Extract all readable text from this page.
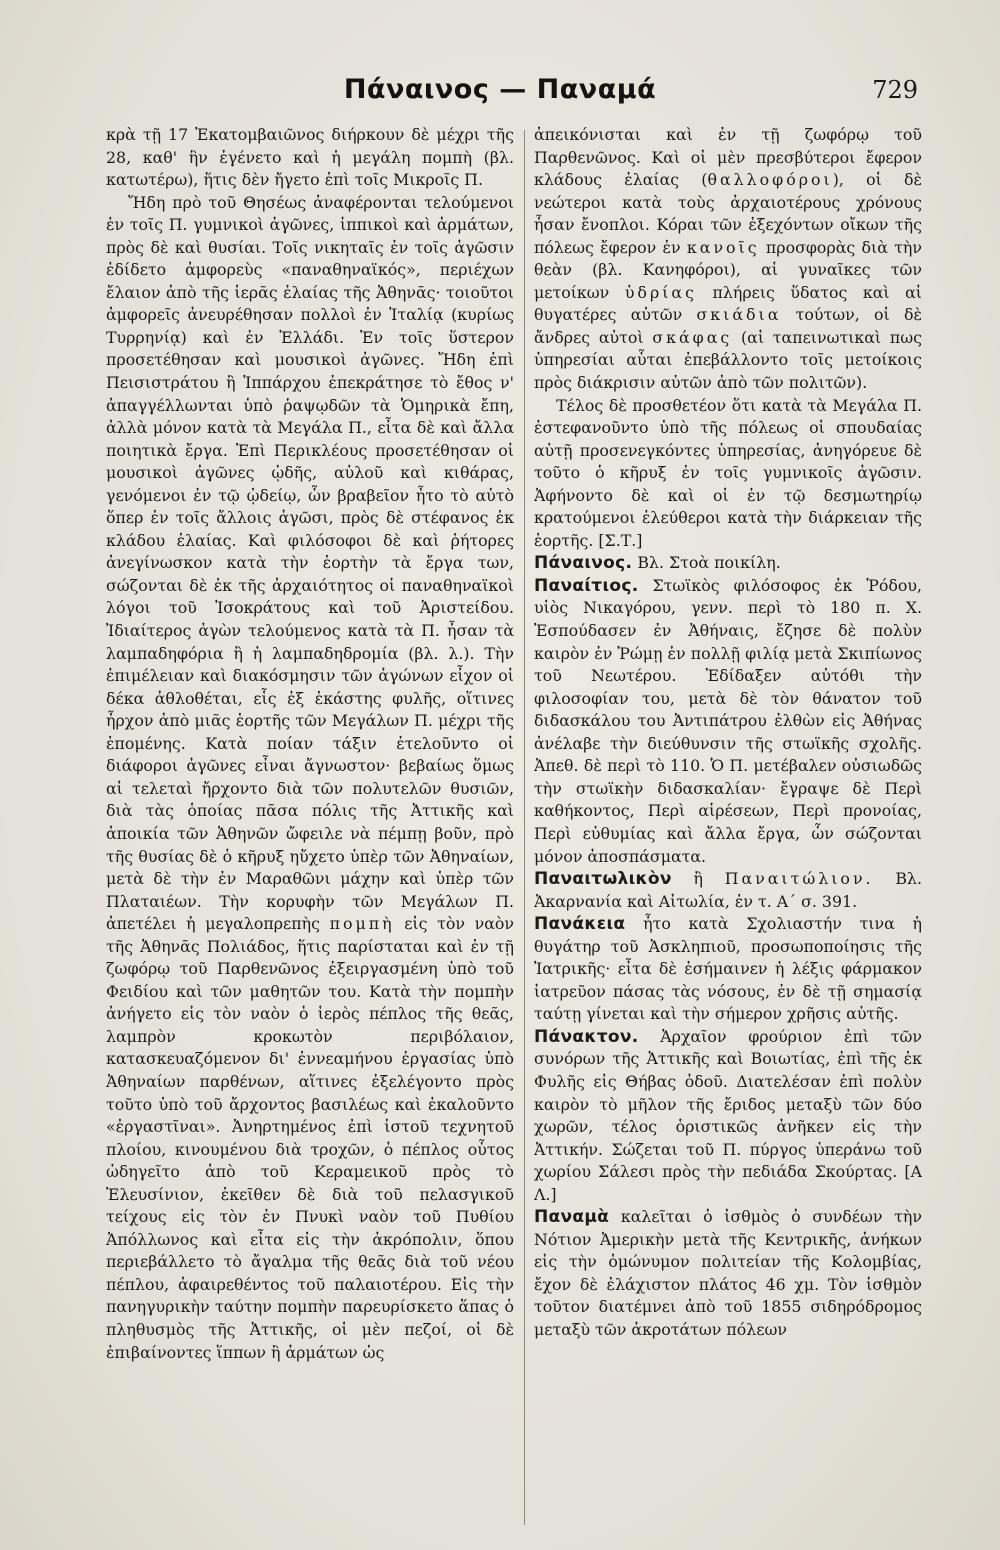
Πάναινος — Παναμά	729

κρὰ τῇ 17 Ἑκατομβαιῶνος διήρκουν δὲ μέχρι τῆς 28, καθ' ἣν ἐγένετο καὶ ἡ μεγάλη πομπὴ (βλ. κατωτέρω), ἥτις δὲν ἤγετο ἐπὶ τοῖς Μικροῖς Π.

Ἤδη πρὸ τοῦ Θησέως ἀναφέρονται τελούμενοι ἐν τοῖς Π. γυμνικοὶ ἀγῶνες, ἱππικοὶ καὶ ἁρμάτων, πρὸς δὲ καὶ θυσίαι. Τοῖς νικηταῖς ἐν τοῖς ἀγῶσιν ἐδίδετο ἀμφορεὺς «παναθηναϊκός», περιέχων ἔλαιον ἀπὸ τῆς ἱερᾶς ἐλαίας τῆς Ἀθηνᾶς· τοιοῦτοι ἀμφορεῖς ἀνευρέθησαν πολλοὶ ἐν Ἰταλίᾳ (κυρίως Τυρρηνίᾳ) καὶ ἐν Ἑλλάδι. Ἐν τοῖς ὕστερον προσετέθησαν καὶ μουσικοὶ ἀγῶνες. Ἤδη ἐπὶ Πεισιστράτου ἢ Ἱππάρχου ἐπεκράτησε τὸ ἔθος ν' ἀπαγγέλλωνται ὑπὸ ῥαψῳδῶν τὰ Ὁμηρικὰ ἔπη, ἀλλὰ μόνον κατὰ τὰ Μεγάλα Π., εἶτα δὲ καὶ ἄλλα ποιητικὰ ἔργα. Ἐπὶ Περικλέους προσετέθησαν οἱ μουσικοὶ ἀγῶνες ᾠδῆς, αὐλοῦ καὶ κιθάρας, γενόμενοι ἐν τῷ ᾠδείῳ, ὧν βραβεῖον ἦτο τὸ αὐτὸ ὅπερ ἐν τοῖς ἄλλοις ἀγῶσι, πρὸς δὲ στέφανος ἐκ κλάδου ἐλαίας. Καὶ φιλόσοφοι δὲ καὶ ῥήτορες ἀνεγίνωσκον κατὰ τὴν ἑορτὴν τὰ ἔργα των, σώζονται δὲ ἐκ τῆς ἀρχαιότητος οἱ παναθηναϊκοὶ λόγοι τοῦ Ἰσοκράτους καὶ τοῦ Ἀριστείδου. Ἰδιαίτερος ἀγὼν τελούμενος κατὰ τὰ Π. ἦσαν τὰ λαμπαδηφόρια ἢ ἡ λαμπαδηδρομία (βλ. λ.). Τὴν ἐπιμέλειαν καὶ διακόσμησιν τῶν ἀγώνων εἶχον οἱ δέκα ἀθλοθέται, εἷς ἐξ ἑκάστης φυλῆς, οἵτινες ἦρχον ἀπὸ μιᾶς ἑορτῆς τῶν Μεγάλων Π. μέχρι τῆς ἑπομένης. Κατὰ ποίαν τάξιν ἐτελοῦντο οἱ διάφοροι ἀγῶνες εἶναι ἄγνωστον· βεβαίως ὅμως αἱ τελεταὶ ἤρχοντο διὰ τῶν πολυτελῶν θυσιῶν, διὰ τὰς ὁποίας πᾶσα πόλις τῆς Ἀττικῆς καὶ ἀποικία τῶν Ἀθηνῶν ὤφειλε νὰ πέμπῃ βοῦν, πρὸ τῆς θυσίας δὲ ὁ κῆρυξ ηὔχετο ὑπὲρ τῶν Ἀθηναίων, μετὰ δὲ τὴν ἐν Μαραθῶνι μάχην καὶ ὑπὲρ τῶν Πλαταιέων. Τὴν κορυφὴν τῶν Μεγάλων Π. ἀπετέλει ἡ μεγαλοπρεπὴς πομπὴ εἰς τὸν ναὸν τῆς Ἀθηνᾶς Πολιάδος, ἥτις παρίσταται καὶ ἐν τῇ ζωφόρῳ τοῦ Παρθενῶνος ἐξειργασμένη ὑπὸ τοῦ Φειδίου καὶ τῶν μαθητῶν του. Κατὰ τὴν πομπὴν ἀνήγετο εἰς τὸν ναὸν ὁ ἱερὸς πέπλος τῆς θεᾶς, λαμπρὸν κροκωτὸν περιβόλαιον, κατασκευαζόμενον δι' ἐννεαμήνου ἐργασίας ὑπὸ Ἀθηναίων παρθένων, αἵτινες ἐξελέγοντο πρὸς τοῦτο ὑπὸ τοῦ ἄρχοντος βασιλέως καὶ ἐκαλοῦντο «ἐργαστῖναι». Ἀνηρτημένος ἐπὶ ἱστοῦ τεχνητοῦ πλοίου, κινουμένου διὰ τροχῶν, ὁ πέπλος οὗτος ὠδηγεῖτο ἀπὸ τοῦ Κεραμεικοῦ πρὸς τὸ Ἐλευσίνιον, ἐκεῖθεν δὲ διὰ τοῦ πελασγικοῦ τείχους εἰς τὸν ἐν Πνυκὶ ναὸν τοῦ Πυθίου Ἀπόλλωνος καὶ εἶτα εἰς τὴν ἀκρόπολιν, ὅπου περιεβάλλετο τὸ ἄγαλμα τῆς θεᾶς διὰ τοῦ νέου πέπλου, ἀφαιρεθέντος τοῦ παλαιοτέρου. Εἰς τὴν πανηγυρικὴν ταύτην πομπὴν παρευρίσκετο ἅπας ὁ πληθυσμὸς τῆς Ἀττικῆς, οἱ μὲν πεζοί, οἱ δὲ ἐπιβαίνοντες ἵππων ἢ ἁρμάτων ὡς

ἀπεικόνισται καὶ ἐν τῇ ζωφόρῳ τοῦ Παρθενῶνος. Καὶ οἱ μὲν πρεσβύτεροι ἔφερον κλάδους ἐλαίας (θαλλοφόροι), οἱ δὲ νεώτεροι κατὰ τοὺς ἀρχαιοτέρους χρόνους ἦσαν ἔνοπλοι. Κόραι τῶν ἐξεχόντων οἴκων τῆς πόλεως ἔφερον ἐν κανοῖς προσφορὰς διὰ τὴν θεὰν (βλ. Κανηφόροι), αἱ γυναῖκες τῶν μετοίκων ὑδρίας πλήρεις ὕδατος καὶ αἱ θυγατέρες αὐτῶν σκιάδια τούτων, οἱ δὲ ἄνδρες αὐτοὶ σκάφας (αἱ ταπεινωτικαὶ πως ὑπηρεσίαι αὗται ἐπεβάλλοντο τοῖς μετοίκοις πρὸς διάκρισιν αὐτῶν ἀπὸ τῶν πολιτῶν).

Τέλος δὲ προσθετέον ὅτι κατὰ τὰ Μεγάλα Π. ἐστεφανοῦντο ὑπὸ τῆς πόλεως οἱ σπουδαίας αὐτῇ προσενεγκόντες ὑπηρεσίας, ἀνηγόρευε δὲ τοῦτο ὁ κῆρυξ ἐν τοῖς γυμνικοῖς ἀγῶσιν. Ἀφήνοντο δὲ καὶ οἱ ἐν τῷ δεσμωτηρίῳ κρατούμενοι ἐλεύθεροι κατὰ τὴν διάρκειαν τῆς ἑορτῆς. [Σ.Τ.]

Πάναινος. Βλ. Στοὰ ποικίλη.

Παναίτιος. Στωϊκὸς φιλόσοφος ἐκ Ῥόδου, υἱὸς Νικαγόρου, γενν. περὶ τὸ 180 π. Χ. Ἐσπούδασεν ἐν Ἀθήναις, ἔζησε δὲ πολὺν καιρὸν ἐν Ῥώμῃ ἐν πολλῇ φιλίᾳ μετὰ Σκιπίωνος τοῦ Νεωτέρου. Ἐδίδαξεν αὐτόθι τὴν φιλοσοφίαν του, μετὰ δὲ τὸν θάνατον τοῦ διδασκάλου του Ἀντιπάτρου ἐλθὼν εἰς Ἀθήνας ἀνέλαβε τὴν διεύθυνσιν τῆς στωϊκῆς σχολῆς. Ἀπεθ. δὲ περὶ τὸ 110. Ὁ Π. μετέβαλεν οὐσιωδῶς τὴν στωϊκὴν διδασκαλίαν· ἔγραψε δὲ Περὶ καθήκοντος, Περὶ αἱρέσεων, Περὶ προνοίας, Περὶ εὐθυμίας καὶ ἄλλα ἔργα, ὧν σώζονται μόνον ἀποσπάσματα.

Παναιτωλικὸν ἢ Παναιτώλιον. Βλ. Ἀκαρνανία καὶ Αἰτωλία, ἐν τ. Α΄ σ. 391.

Πανάκεια ἦτο κατὰ Σχολιαστήν τινα ἡ θυγάτηρ τοῦ Ἀσκληπιοῦ, προσωποποίησις τῆς Ἰατρικῆς· εἶτα δὲ ἐσήμαινεν ἡ λέξις φάρμακον ἰατρεῦον πάσας τὰς νόσους, ἐν δὲ τῇ σημασίᾳ ταύτῃ γίνεται καὶ τὴν σήμερον χρῆσις αὐτῆς.

Πάνακτον. Ἀρχαῖον φρούριον ἐπὶ τῶν συνόρων τῆς Ἀττικῆς καὶ Βοιωτίας, ἐπὶ τῆς ἐκ Φυλῆς εἰς Θήβας ὁδοῦ. Διατελέσαν ἐπὶ πολὺν καιρὸν τὸ μῆλον τῆς ἔριδος μεταξὺ τῶν δύο χωρῶν, τέλος ὁριστικῶς ἀνῆκεν εἰς τὴν Ἀττικήν. Σώζεται τοῦ Π. πύργος ὑπεράνω τοῦ χωρίου Σάλεσι πρὸς τὴν πεδιάδα Σκούρτας. [Α Λ.]

Παναμὰ καλεῖται ὁ ἰσθμὸς ὁ συνδέων τὴν Νότιον Ἀμερικὴν μετὰ τῆς Κεντρικῆς, ἀνήκων εἰς τὴν ὁμώνυμον πολιτείαν τῆς Κολομβίας, ἔχον δὲ ἐλάχιστον πλάτος 46 χμ. Τὸν ἰσθμὸν τοῦτον διατέμνει ἀπὸ τοῦ 1855 σιδηρόδρομος μεταξὺ τῶν ἀκροτάτων πόλεων
